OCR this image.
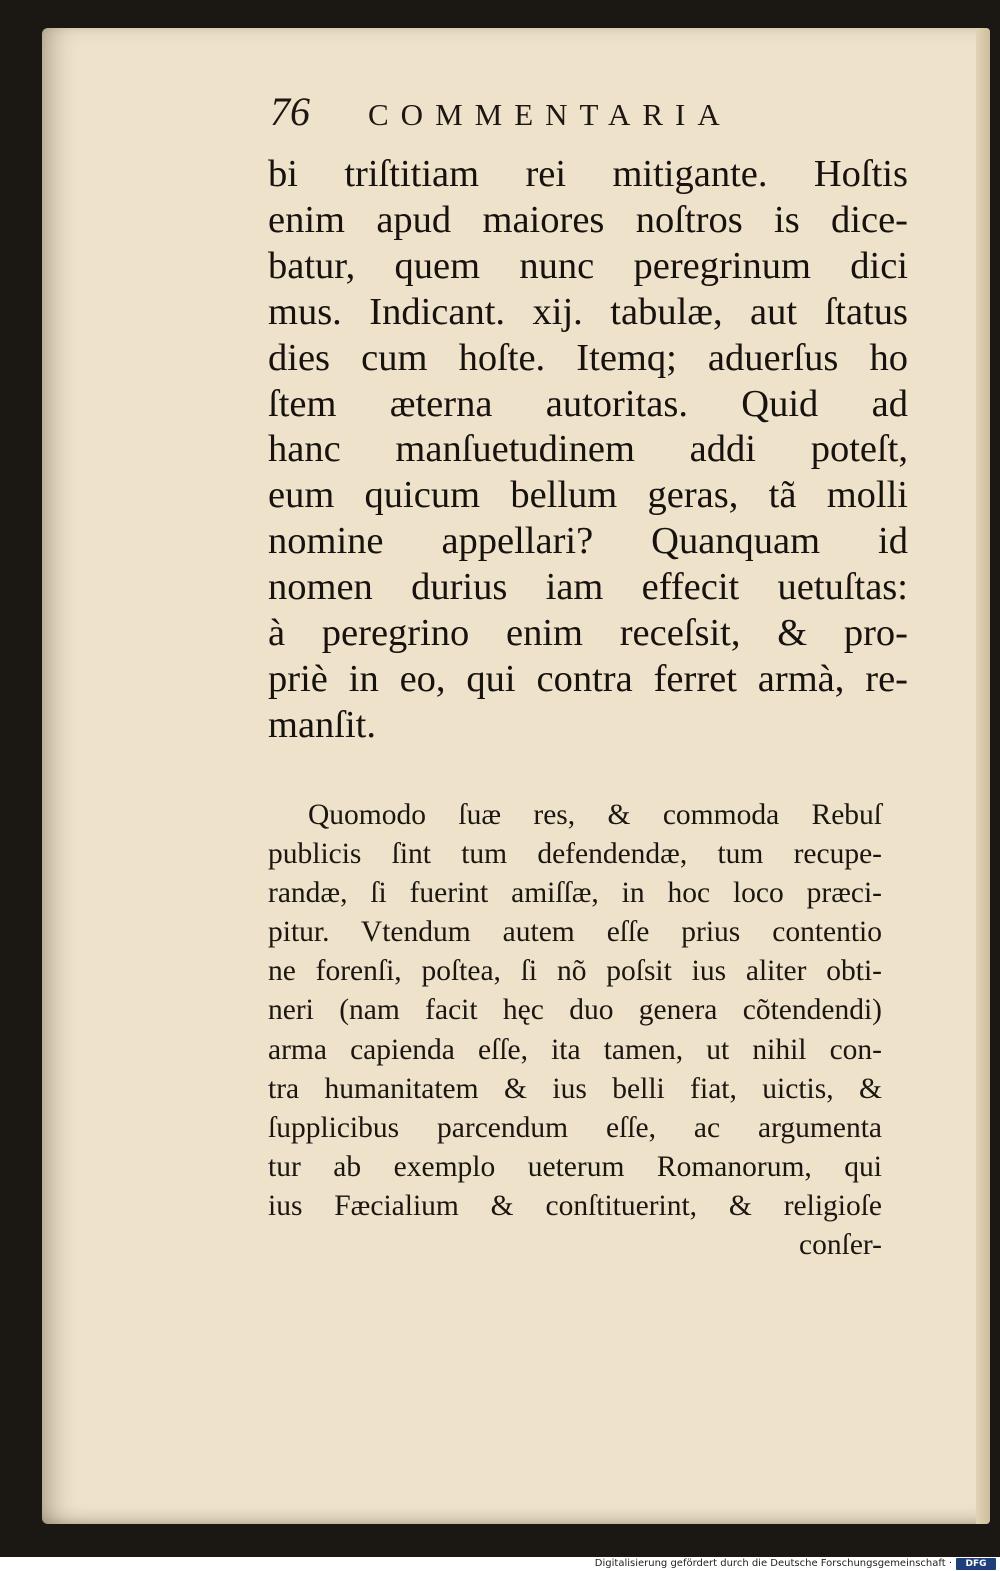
76 COMMENTARIA
bi triſtitiam rei mitigante. Hoſtis
enim apud maiores noſtros is dice-
batur, quem nunc peregrinum dici
mus. Indicant. xij. tabulæ, aut ſtatus
dies cum hoſte. Itemq; aduerſus ho
ſtem æterna autoritas. Quid ad
hanc manſuetudinem addi poteſt,
eum quicum bellum geras, tã molli
nomine appellari? Quanquam id
nomen durius iam effecit uetuſtas:
à peregrino enim receſsit, & pro-
priè in eo, qui contra ferret armà, re-
manſit.
Quomodo ſuæ res, & commoda Rebuſ
publicis ſint tum defendendæ, tum recupe-
randæ, ſi fuerint amiſſæ, in hoc loco præci-
pitur. Vtendum autem eſſe prius contentio
ne forenſi, poſtea, ſi nõ poſsit ius aliter obti-
neri (nam facit hęc duo genera cõtendendi)
arma capienda eſſe, ita tamen, ut nihil con-
tra humanitatem & ius belli fiat, uictis, &
ſupplicibus parcendum eſſe, ac argumenta
tur ab exemplo ueterum Romanorum, qui
ius Fæcialium & conſtituerint, & religioſe
conſer-
Digitalisierung gefördert durch die Deutsche Forschungsgemeinschaft ·	DFG
